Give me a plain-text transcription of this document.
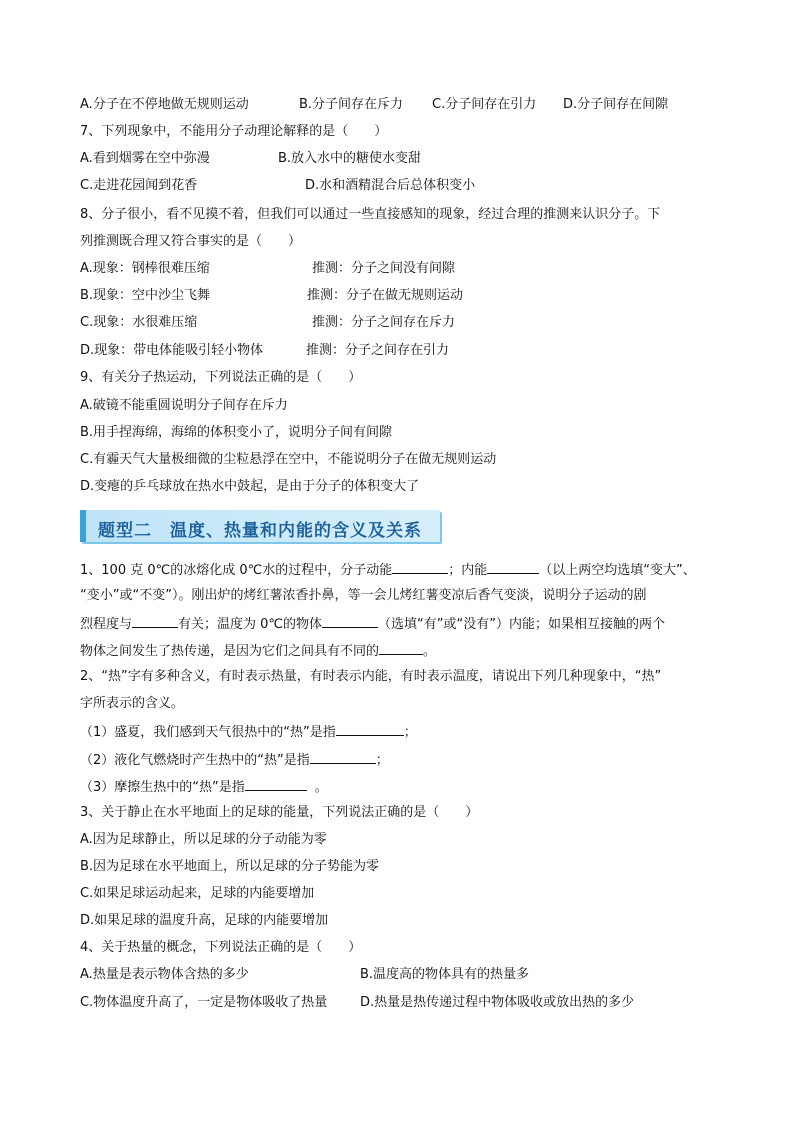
A.分子在不停地做无规则运动	B.分子间存在斥力 C.分子间存在引力 D.分子间存在间隙
7、下列现象中，不能用分子动理论解释的是（　　）
A.看到烟雾在空中弥漫	B.放入水中的糖使水变甜
C.走进花园闻到花香	D.水和酒精混合后总体积变小
8、分子很小，看不见摸不着，但我们可以通过一些直接感知的现象，经过合理的推测来认识分子。下
列推测既合理又符合事实的是（　　）
A.现象：钢棒很难压缩	推测：分子之间没有间隙
B.现象：空中沙尘飞舞	推测：分子在做无规则运动
C.现象：水很难压缩	推测：分子之间存在斥力
D.现象：带电体能吸引轻小物体	推测：分子之间存在引力
9、有关分子热运动，下列说法正确的是（　　）
A.破镜不能重圆说明分子间存在斥力
B.用手捏海绵，海绵的体积变小了，说明分子间有间隙
C.有霾天气大量极细微的尘粒悬浮在空中，不能说明分子在做无规则运动
D.变瘪的乒乓球放在热水中鼓起，是由于分子的体积变大了
题型二　温度、热量和内能的含义及关系
1、100 克 0℃的冰熔化成 0℃水的过程中，分子动能	；内能	（以上两空均选填“变大”、
“变小”或“不变”）。刚出炉的烤红薯浓香扑鼻，等一会儿烤红薯变凉后香气变淡，说明分子运动的剧
烈程度与	有关；温度为 0℃的物体	（选填“有”或“没有”）内能；如果相互接触的两个
物体之间发生了热传递，是因为它们之间具有不同的	。
2、“热”字有多种含义，有时表示热量，有时表示内能，有时表示温度，请说出下列几种现象中，“热”
字所表示的含义。
（1）盛夏，我们感到天气很热中的“热”是指	；
（2）液化气燃烧时产生热中的“热”是指	；
（3）摩擦生热中的“热”是指	。
3、关于静止在水平地面上的足球的能量，下列说法正确的是（　　）
A.因为足球静止，所以足球的分子动能为零
B.因为足球在水平地面上，所以足球的分子势能为零
C.如果足球运动起来，足球的内能要增加
D.如果足球的温度升高，足球的内能要增加
4、关于热量的概念，下列说法正确的是（　　）
A.热量是表示物体含热的多少	B.温度高的物体具有的热量多
C.物体温度升高了，一定是物体吸收了热量	D.热量是热传递过程中物体吸收或放出热的多少
